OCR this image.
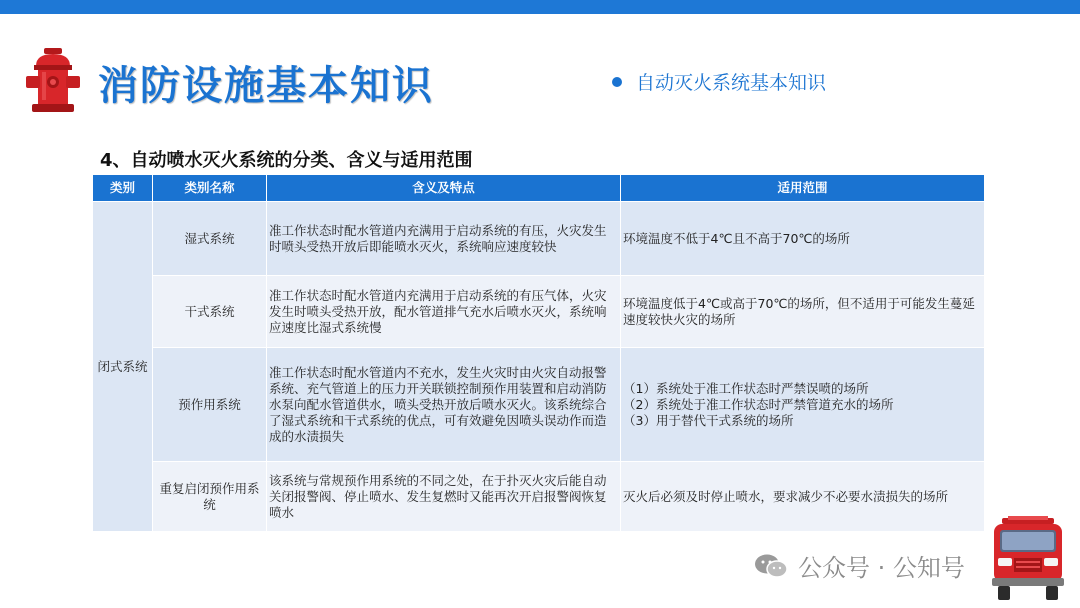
消防设施基本知识	自动灭火系统基本知识
4、自动喷水灭火系统的分类、含义与适用范围
类别	类别名称	含义及特点	适用范围
闭式系统	湿式系统	准工作状态时配水管道内充满用于启动系统的有压，火灾发生时喷头受热开放后即能喷水灭火，系统响应速度较快	环境温度不低于4℃且不高于70℃的场所
	干式系统	准工作状态时配水管道内充满用于启动系统的有压气体，火灾发生时喷头受热开放，配水管道排气充水后喷水灭火，系统响应速度比湿式系统慢	环境温度低于4℃或高于70℃的场所，但不适用于可能发生蔓延速度较快火灾的场所
	预作用系统	准工作状态时配水管道内不充水，发生火灾时由火灾自动报警系统、充气管道上的压力开关联锁控制预作用装置和启动消防水泵向配水管道供水，喷头受热开放后喷水灭火。该系统综合了湿式系统和干式系统的优点，可有效避免因喷头误动作而造成的水渍损失	（1）系统处于准工作状态时严禁误喷的场所
（2）系统处于准工作状态时严禁管道充水的场所
（3）用于替代干式系统的场所

	重复启闭预作用系统	该系统与常规预作用系统的不同之处，在于扑灭火灾后能自动关闭报警阀、停止喷水、发生复燃时又能再次开启报警阀恢复喷水	灭火后必须及时停止喷水，要求减少不必要水渍损失的场所
公众号 · 公知号
